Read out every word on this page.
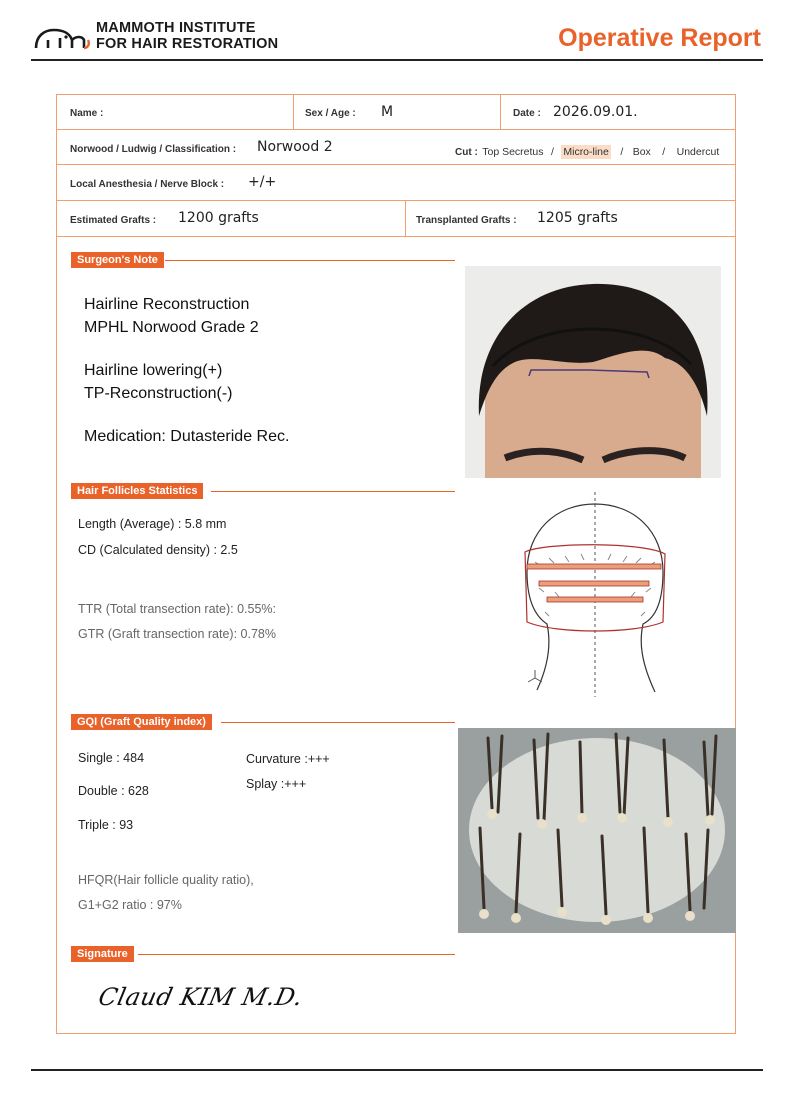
MAMMOTH INSTITUTE
FOR HAIR RESTORATION	Operative Report
Name :	Sex / Age : M	Date : 2026.09.01.
Norwood / Ludwig / Classification : Norwood 2	Cut : Top Secretus / Micro-line / Box / Undercut
Local Anesthesia / Nerve Block : +/+
Estimated Grafts : 1200 grafts	Transplanted Grafts : 1205 grafts
Surgeon's Note
Hairline Reconstruction
MPHL Norwood Grade 2
Hairline lowering(+)
TP-Reconstruction(-)
Medication: Dutasteride Rec.
Hair Follicles Statistics
Length (Average) : 5.8 mm
CD (Calculated density) : 2.5
TTR (Total transection rate): 0.55%:
GTR (Graft transection rate): 0.78%
GQI (Graft Quality index)
Single : 484
Double : 628
Triple : 93
Curvature :+++
Splay :+++
HFQR(Hair follicle quality ratio),
G1+G2 ratio : 97%
Signature
Claud KIM M.D.
